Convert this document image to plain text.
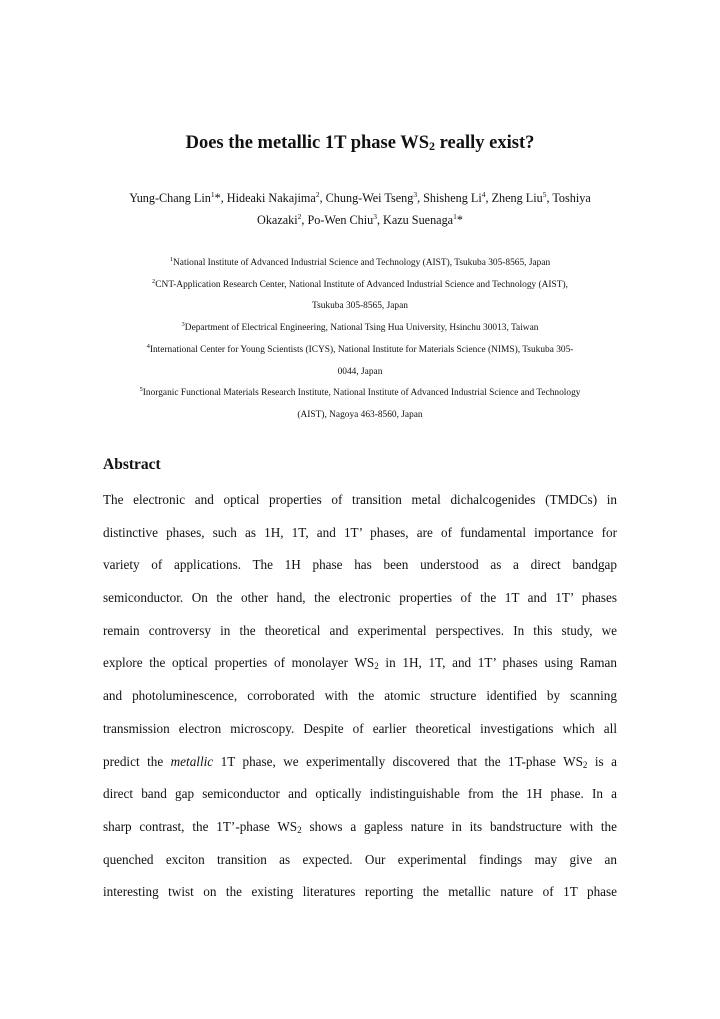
Does the metallic 1T phase $WS_2$ really exist?
Yung-Chang Lin$^1$*, Hideaki Nakajima$^2$, Chung-Wei Tseng$^3$, Shisheng Li$^4$, Zheng Liu$^5$, Toshiya
Okazaki$^2$, Po-Wen Chiu$^3$, Kazu Suenaga$^1$*
$^1$National Institute of Advanced Industrial Science and Technology (AIST), Tsukuba 305-8565, Japan
$^2$CNT-Application Research Center, National Institute of Advanced Industrial Science and Technology (AIST),
Tsukuba 305-8565, Japan
$^3$Department of Electrical Engineering, National Tsing Hua University, Hsinchu 30013, Taiwan
$^4$International Center for Young Scientists (ICYS), National Institute for Materials Science (NIMS), Tsukuba 305-
0044, Japan
$^5$Inorganic Functional Materials Research Institute, National Institute of Advanced Industrial Science and Technology
(AIST), Nagoya 463-8560, Japan
Abstract
The electronic and optical properties of transition metal dichalcogenides (TMDCs) in
distinctive phases, such as 1H, 1T, and 1T’ phases, are of fundamental importance for
variety of applications. The 1H phase has been understood as a direct bandgap
semiconductor. On the other hand, the electronic properties of the 1T and 1T’ phases
remain controversy in the theoretical and experimental perspectives. In this study, we
explore the optical properties of monolayer $WS_2$ in 1H, 1T, and 1T’ phases using Raman
and photoluminescence, corroborated with the atomic structure identified by scanning
transmission electron microscopy. Despite of earlier theoretical investigations which all
predict the metallic 1T phase, we experimentally discovered that the 1T-phase $WS_2$ is a
direct band gap semiconductor and optically indistinguishable from the 1H phase. In a
sharp contrast, the 1T’-phase $WS_2$ shows a gapless nature in its bandstructure with the
quenched exciton transition as expected. Our experimental findings may give an
interesting twist on the existing literatures reporting the metallic nature of 1T phase
